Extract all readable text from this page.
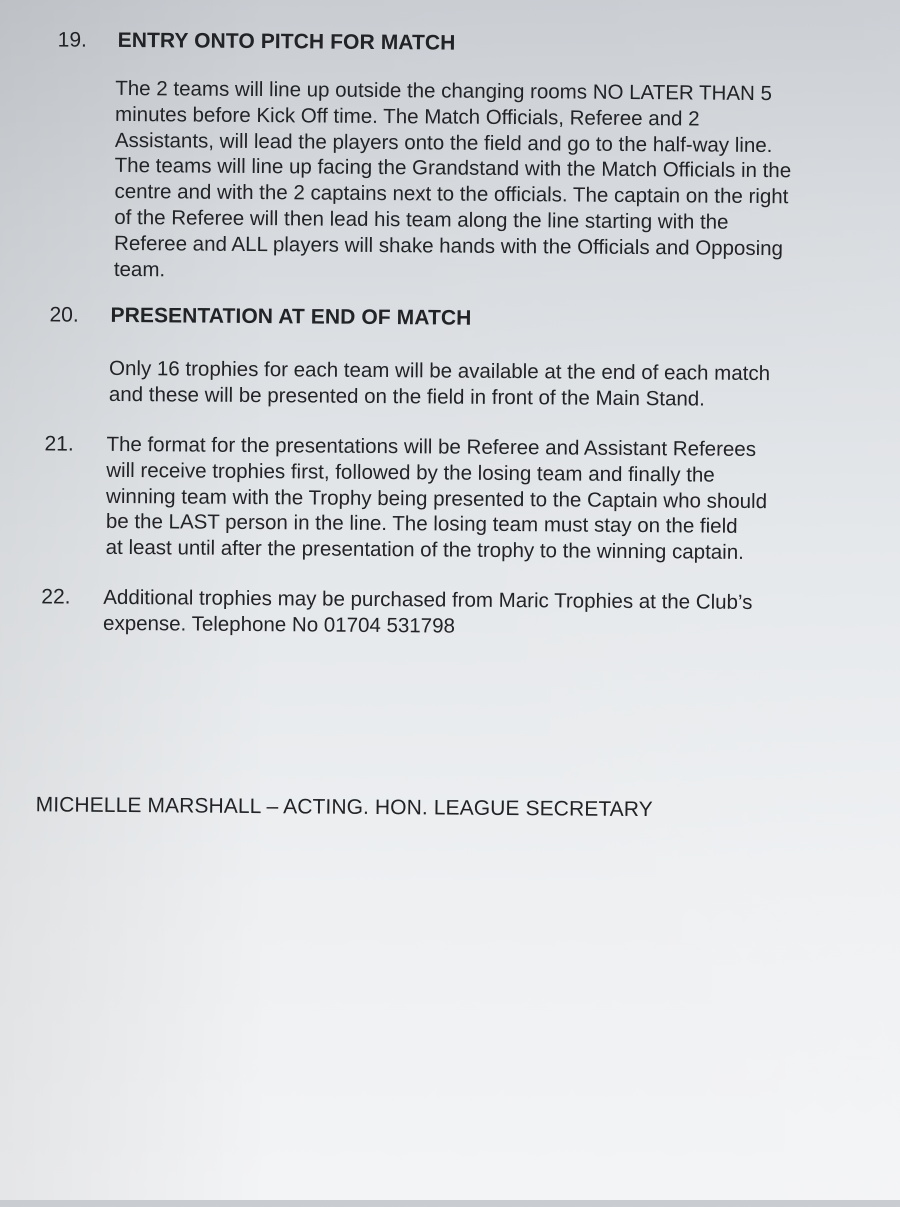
19. ENTRY ONTO PITCH FOR MATCH
The 2 teams will line up outside the changing rooms NO LATER THAN 5
minutes before Kick Off time. The Match Officials, Referee and 2
Assistants, will lead the players onto the field and go to the half-way line.
The teams will line up facing the Grandstand with the Match Officials in the
centre and with the 2 captains next to the officials. The captain on the right
of the Referee will then lead his team along the line starting with the
Referee and ALL players will shake hands with the Officials and Opposing
team.
20. PRESENTATION AT END OF MATCH
Only 16 trophies for each team will be available at the end of each match
and these will be presented on the field in front of the Main Stand.
21. The format for the presentations will be Referee and Assistant Referees
will receive trophies first, followed by the losing team and finally the
winning team with the Trophy being presented to the Captain who should
be the LAST person in the line. The losing team must stay on the field
at least until after the presentation of the trophy to the winning captain.
22. Additional trophies may be purchased from Maric Trophies at the Club’s
expense. Telephone No 01704 531798
MICHELLE MARSHALL – ACTING. HON. LEAGUE SECRETARY
